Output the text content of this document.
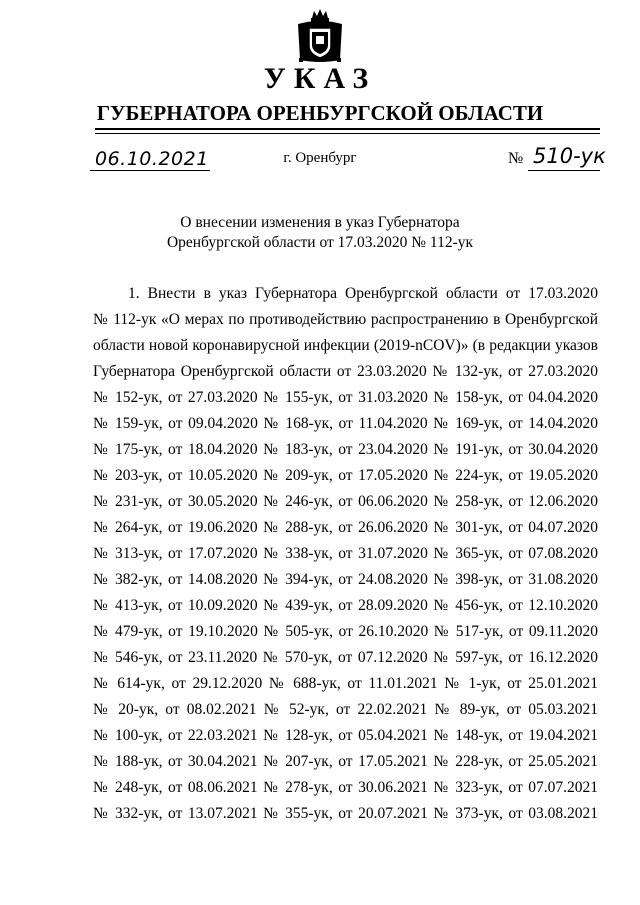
УКАЗ
ГУБЕРНАТОРА ОРЕНБУРГСКОЙ ОБЛАСТИ
06.10.2021	г. Оренбург	№ 510-ук
О внесении изменения в указ Губернатора
Оренбургской области от 17.03.2020 № 112-ук
1. Внести в указ Губернатора Оренбургской области от 17.03.2020
№ 112-ук «О мерах по противодействию распространению в Оренбургской
области новой коронавирусной инфекции (2019-nCOV)» (в редакции указов
Губернатора Оренбургской области от 23.03.2020 № 132-ук, от 27.03.2020
№ 152-ук, от 27.03.2020 № 155-ук, от 31.03.2020 № 158-ук, от 04.04.2020
№ 159-ук, от 09.04.2020 № 168-ук, от 11.04.2020 № 169-ук, от 14.04.2020
№ 175-ук, от 18.04.2020 № 183-ук, от 23.04.2020 № 191-ук, от 30.04.2020
№ 203-ук, от 10.05.2020 № 209-ук, от 17.05.2020 № 224-ук, от 19.05.2020
№ 231-ук, от 30.05.2020 № 246-ук, от 06.06.2020 № 258-ук, от 12.06.2020
№ 264-ук, от 19.06.2020 № 288-ук, от 26.06.2020 № 301-ук, от 04.07.2020
№ 313-ук, от 17.07.2020 № 338-ук, от 31.07.2020 № 365-ук, от 07.08.2020
№ 382-ук, от 14.08.2020 № 394-ук, от 24.08.2020 № 398-ук, от 31.08.2020
№ 413-ук, от 10.09.2020 № 439-ук, от 28.09.2020 № 456-ук, от 12.10.2020
№ 479-ук, от 19.10.2020 № 505-ук, от 26.10.2020 № 517-ук, от 09.11.2020
№ 546-ук, от 23.11.2020 № 570-ук, от 07.12.2020 № 597-ук, от 16.12.2020
№ 614-ук, от 29.12.2020 № 688-ук, от 11.01.2021 № 1-ук, от 25.01.2021
№ 20-ук, от 08.02.2021 № 52-ук, от 22.02.2021 № 89-ук, от 05.03.2021
№ 100-ук, от 22.03.2021 № 128-ук, от 05.04.2021 № 148-ук, от 19.04.2021
№ 188-ук, от 30.04.2021 № 207-ук, от 17.05.2021 № 228-ук, от 25.05.2021
№ 248-ук, от 08.06.2021 № 278-ук, от 30.06.2021 № 323-ук, от 07.07.2021
№ 332-ук, от 13.07.2021 № 355-ук, от 20.07.2021 № 373-ук, от 03.08.2021
